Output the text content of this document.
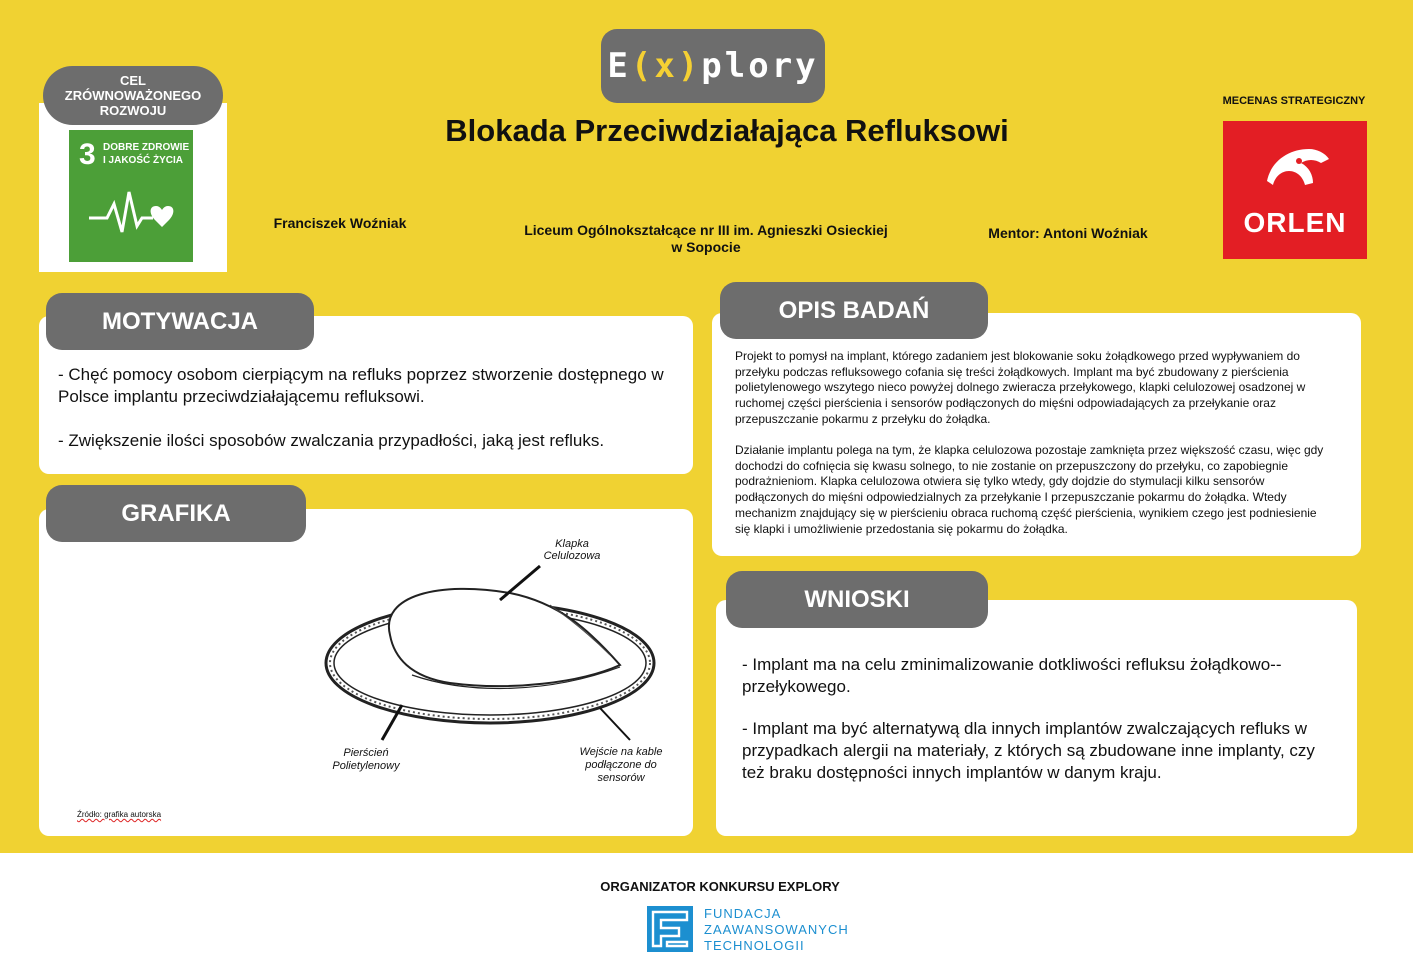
E ( x ) plory
Blokada Przeciwdziałająca Refluksowi
CEL ZRÓWNOWAŻONEGO ROZWOJU
3 DOBRE ZDROWIE
I JAKOŚĆ ŻYCIA
MECENAS STRATEGICZNY
ORLEN
Franciszek Woźniak	Liceum Ogólnokształcące nr III im. Agnieszki Osieckiej
w Sopocie
Mentor: Antoni Woźniak
MOTYWACJA
- Chęć pomocy osobom cierpiącym na refluks poprzez stworzenie dostępnego w Polsce implantu przeciwdziałającemu refluksowi.
- Zwiększenie ilości sposobów zwalczania przypadłości, jaką jest refluks.
GRAFIKA
Klapka
Celulozowa
Pierścień
Polietylenowy
Wejście na kable
podłączone do
sensorów
Źródło: grafika autorska
OPIS BADAŃ
Projekt to pomysł na implant, którego zadaniem jest blokowanie soku żołądkowego przed wypływaniem do przełyku podczas refluksowego cofania się treści żołądkowych. Implant ma być zbudowany z pierścienia polietylenowego wszytego nieco powyżej dolnego zwieracza przełykowego, klapki celulozowej osadzonej w ruchomej części pierścienia i sensorów podłączonych do mięśni odpowiadających za przełykanie oraz przepuszczanie pokarmu z przełyku do żołądka.
Działanie implantu polega na tym, że klapka celulozowa pozostaje zamknięta przez większość czasu, więc gdy dochodzi do cofnięcia się kwasu solnego, to nie zostanie on przepuszczony do przełyku, co zapobiegnie podrażnieniom. Klapka celulozowa otwiera się tylko wtedy, gdy dojdzie do stymulacji kilku sensorów podłączonych do mięśni odpowiedzialnych za przełykanie I przepuszczanie pokarmu do żołądka. Wtedy mechanizm znajdujący się w pierścieniu obraca ruchomą część pierścienia, wynikiem czego jest podniesienie się klapki i umożliwienie przedostania się pokarmu do żołądka.
WNIOSKI
- Implant ma na celu zminimalizowanie dotkliwości refluksu żołądkowo--przełykowego.
- Implant ma być alternatywą dla innych implantów zwalczających refluks w przypadkach alergii na materiały, z których są zbudowane inne implanty, czy też braku dostępności innych implantów w danym kraju.
ORGANIZATOR KONKURSU EXPLORY
FUNDACJA
ZAAWANSOWANYCH
TECHNOLOGII
